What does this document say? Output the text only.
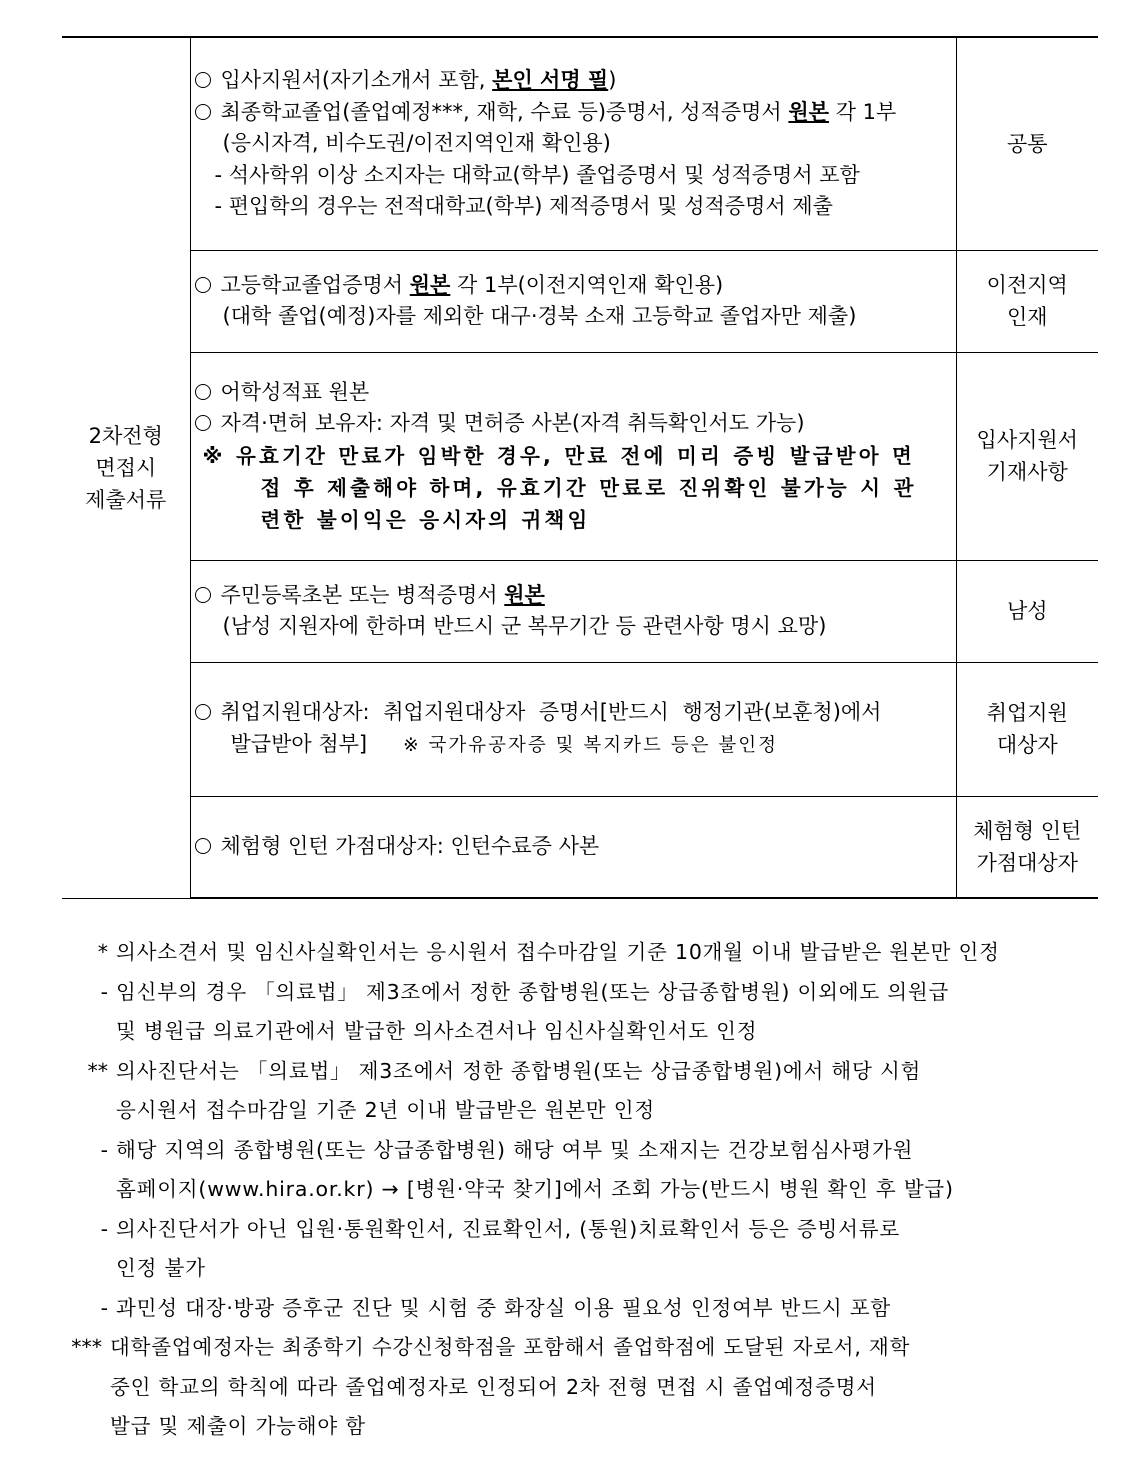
2차전형
면접시
제출서류	입사지원서(자기소개서 포함, 본인 서명 필)
최종학교졸업(졸업예정***, 재학, 수료 등)증명서, 성적증명서 원본 각 1부
(응시자격, 비수도권/이전지역인재 확인용)
- 석사학위 이상 소지자는 대학교(학부) 졸업증명서 및 성적증명서 포함
- 편입학의 경우는 전적대학교(학부) 제적증명서 및 성적증명서 제출	공통

	고등학교졸업증명서 원본 각 1부(이전지역인재 확인용)
(대학 졸업(예정)자를 제외한 대구·경북 소재 고등학교 졸업자만 제출)	이전지역
인재

	어학성적표 원본
자격·면허 보유자: 자격 및 면허증 사본(자격 취득확인서도 가능)
※ 유효기간 만료가 임박한 경우, 만료 전에 미리 증빙 발급받아 면
접 후 제출해야 하며, 유효기간 만료로 진위확인 불가능 시 관
련한 불이익은 응시자의 귀책임	입사지원서
기재사항

	주민등록초본 또는 병적증명서 원본
(남성 지원자에 한하며 반드시 군 복무기간 등 관련사항 명시 요망)	남성

	취업지원대상자: 취업지원대상자 증명서[반드시 행정기관(보훈청)에서
발급받아 첨부] ※ 국가유공자증 및 복지카드 등은 불인정	취업지원
대상자

	체험형 인턴 가점대상자: 인턴수료증 사본	체험형 인턴
가점대상자
* 의사소견서 및 임신사실확인서는 응시원서 접수마감일 기준 10개월 이내 발급받은 원본만 인정
- 임신부의 경우 「의료법」 제3조에서 정한 종합병원(또는 상급종합병원) 이외에도 의원급
및 병원급 의료기관에서 발급한 의사소견서나 임신사실확인서도 인정
** 의사진단서는 「의료법」 제3조에서 정한 종합병원(또는 상급종합병원)에서 해당 시험
응시원서 접수마감일 기준 2년 이내 발급받은 원본만 인정
- 해당 지역의 종합병원(또는 상급종합병원) 해당 여부 및 소재지는 건강보험심사평가원
홈페이지(www.hira.or.kr) → [병원·약국 찾기]에서 조회 가능(반드시 병원 확인 후 발급)
- 의사진단서가 아닌 입원·통원확인서, 진료확인서, (통원)치료확인서 등은 증빙서류로
인정 불가
- 과민성 대장·방광 증후군 진단 및 시험 중 화장실 이용 필요성 인정여부 반드시 포함
*** 대학졸업예정자는 최종학기 수강신청학점을 포함해서 졸업학점에 도달된 자로서, 재학
중인 학교의 학칙에 따라 졸업예정자로 인정되어 2차 전형 면접 시 졸업예정증명서
발급 및 제출이 가능해야 함
